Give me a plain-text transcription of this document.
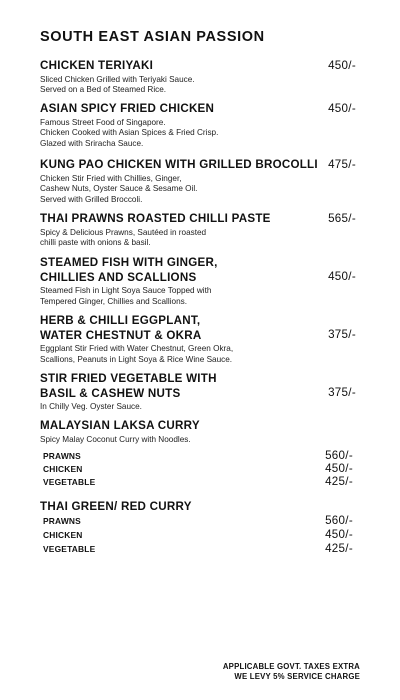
SOUTH EAST ASIAN PASSION
CHICKEN TERIYAKI	450/-
Sliced Chicken Grilled with Teriyaki Sauce.
Served on a Bed of Steamed Rice.
ASIAN SPICY FRIED CHICKEN	450/-
Famous Street Food of Singapore.
Chicken Cooked with Asian Spices & Fried Crisp.
Glazed with Sriracha Sauce.
KUNG PAO CHICKEN WITH GRILLED BROCOLLI 475/-
Chicken Stir Fried with Chillies, Ginger,
Cashew Nuts, Oyster Sauce & Sesame Oil.
Served with Grilled Broccoli.
THAI PRAWNS ROASTED CHILLI PASTE	565/-
Spicy & Delicious Prawns, Sautéed in roasted
chilli paste with onions & basil.
STEAMED FISH WITH GINGER,
CHILLIES AND SCALLIONS	450/-
Steamed Fish in Light Soya Sauce Topped with
Tempered Ginger, Chillies and Scallions.
HERB & CHILLI EGGPLANT,
WATER CHESTNUT & OKRA	375/-
Eggplant Stir Fried with Water Chestnut, Green Okra,
Scallions, Peanuts in Light Soya & Rice Wine Sauce.
STIR FRIED VEGETABLE WITH
BASIL & CASHEW NUTS	375/-
In Chilly Veg. Oyster Sauce.
MALAYSIAN LAKSA CURRY
Spicy Malay Coconut Curry with Noodles.
PRAWNS	560/-
CHICKEN	450/-
VEGETABLE	425/-
THAI GREEN/ RED CURRY
PRAWNS	560/-
CHICKEN	450/-
VEGETABLE	425/-
APPLICABLE GOVT. TAXES EXTRA
WE LEVY 5% SERVICE CHARGE
